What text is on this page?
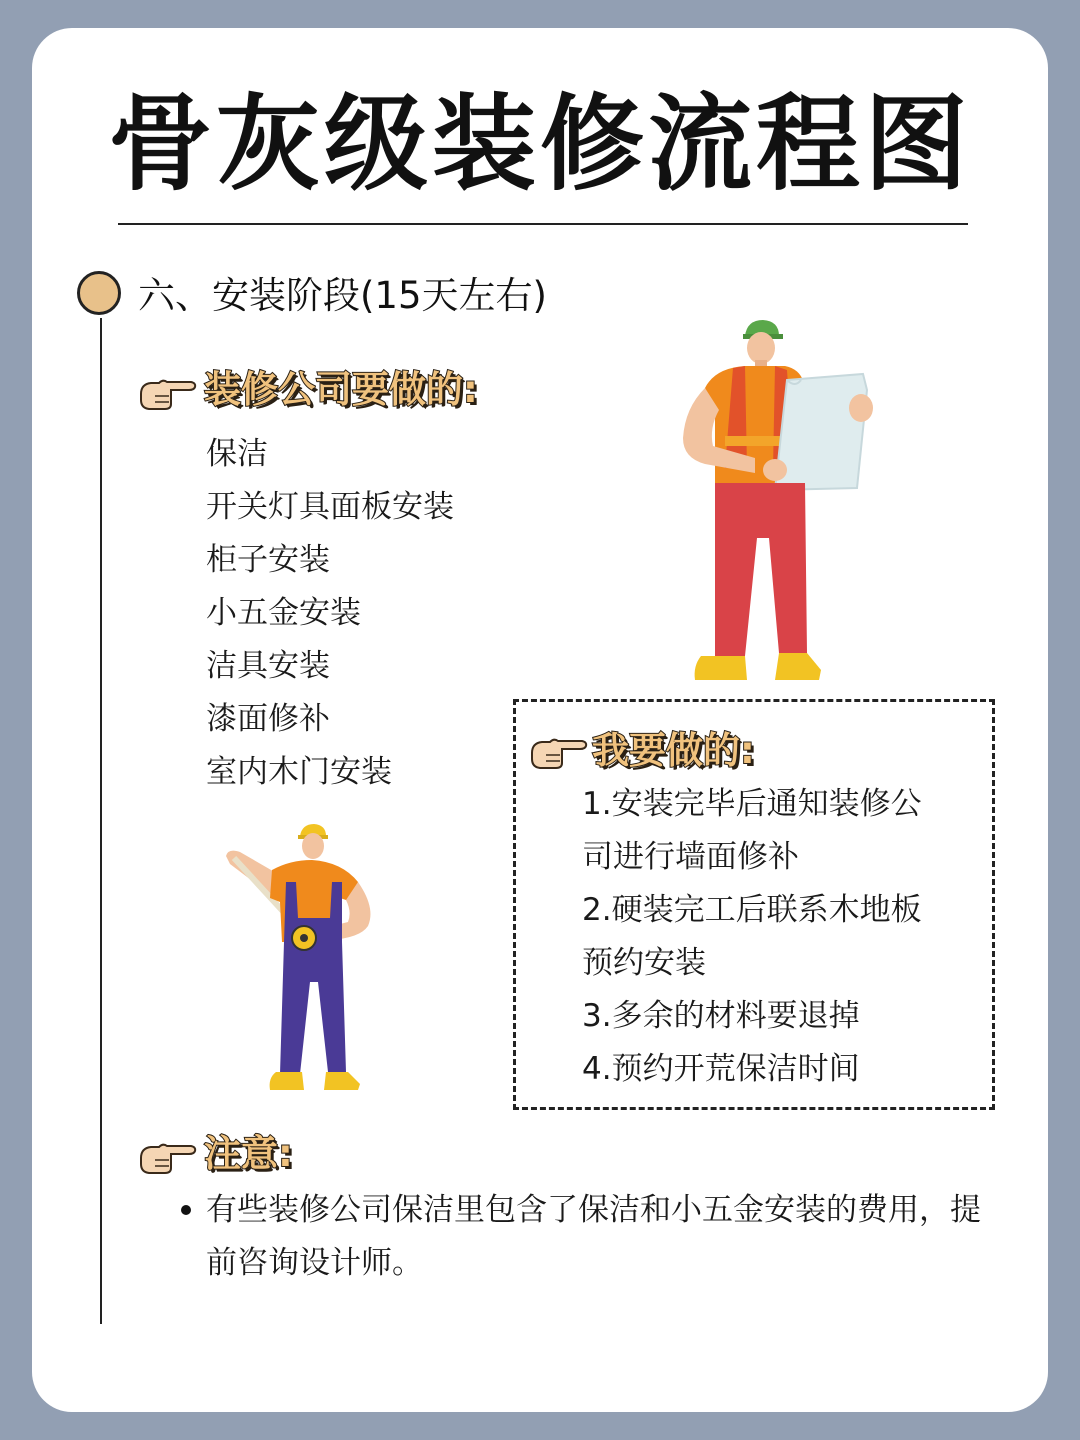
骨灰级装修流程图
六、安装阶段(15天左右)
装修公司要做的:
保洁
开关灯具面板安装
柜子安装
小五金安装
洁具安装
漆面修补
室内木门安装	我要做的:
1.安装完毕后通知装修公
司进行墙面修补
2.硬装完工后联系木地板
预约安装
3.多余的材料要退掉
4.预约开荒保洁时间
注意:
有些装修公司保洁里包含了保洁和小五金安装的费用，提前咨询设计师。
